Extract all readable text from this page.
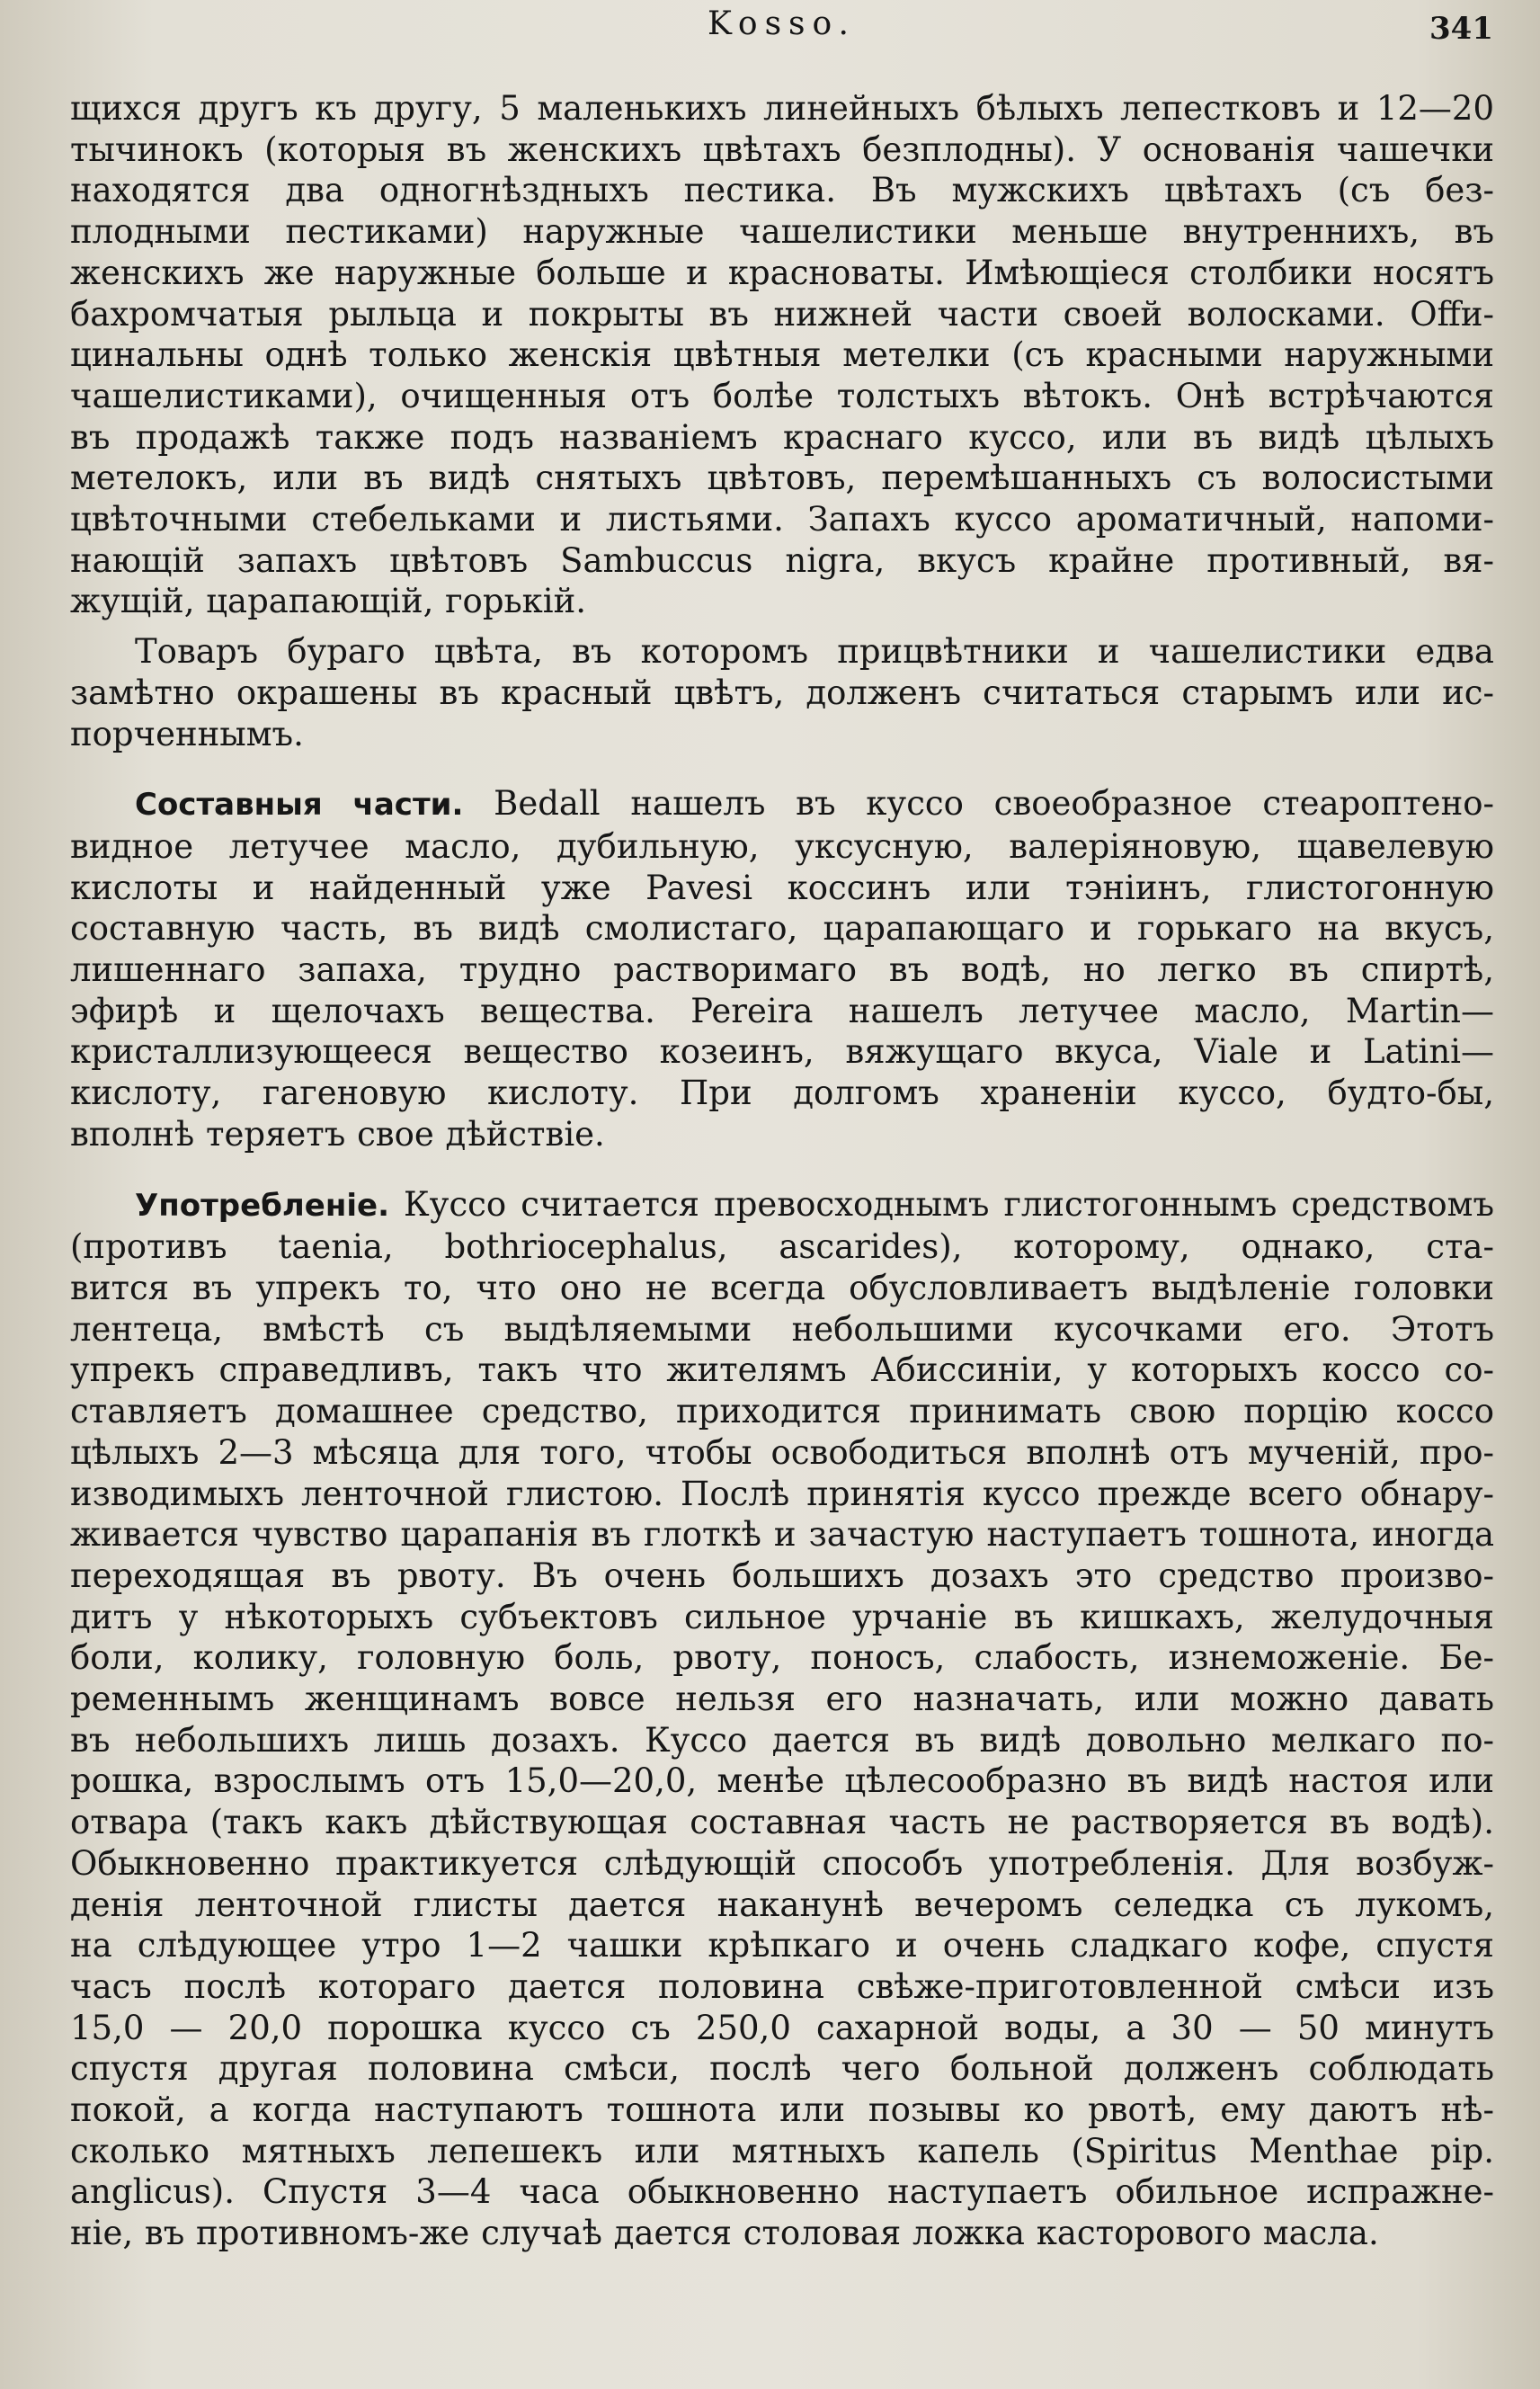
Kosso.	341

щихся другъ къ другу, 5 маленькихъ линейныхъ бѣлыхъ лепестковъ и 12—20

тычинокъ (которыя въ женскихъ цвѣтахъ безплодны). У основанія чашечки

находятся два одногнѣздныхъ пестика. Въ мужскихъ цвѣтахъ (съ без-

плодными пестиками) наружные чашелистики меньше внутреннихъ, въ

женскихъ же наружные больше и красноваты. Имѣющіеся столбики носятъ

бахромчатыя рыльца и покрыты въ нижней части своей волосками. Offи-

цинальны однѣ только женскія цвѣтныя метелки (съ красными наружными

чашелистиками), очищенныя отъ болѣе толстыхъ вѣтокъ. Онѣ встрѣчаются

въ продажѣ также подъ названіемъ краснаго куссо, или въ видѣ цѣлыхъ

метелокъ, или въ видѣ снятыхъ цвѣтовъ, перемѣшанныхъ съ волосистыми

цвѣточными стебельками и листьями. Запахъ куссо ароматичный, напоми-

нающій запахъ цвѣтовъ Sambuccus nigra, вкусъ крайне противный, вя-

жущій, царапающій, горькій.

Товаръ бураго цвѣта, въ которомъ прицвѣтники и чашелистики едва

замѣтно окрашены въ красный цвѣтъ, долженъ считаться старымъ или ис-

порченнымъ.

Составныя части. Bedall нашелъ въ куссо своеобразное стеароптено-

видное летучее масло, дубильную, уксусную, валеріяновую, щавелевую

кислоты и найденный уже Pavesi коссинъ или тэніинъ, глистогонную

составную часть, въ видѣ смолистаго, царапающаго и горькаго на вкусъ,

лишеннаго запаха, трудно растворимаго въ водѣ, но легко въ спиртѣ,

эфирѣ и щелочахъ вещества. Pereira нашелъ летучее масло, Martin—

кристаллизующееся вещество козеинъ, вяжущаго вкуса, Viale и Latini—

кислоту, гагеновую кислоту. При долгомъ храненіи куссо, будто-бы,

вполнѣ теряетъ свое дѣйствіе.

Употребленіе. Куссо считается превосходнымъ глистогоннымъ средствомъ

(противъ taenia, bothriocephalus, ascarides), которому, однако, ста-

вится въ упрекъ то, что оно не всегда обусловливаетъ выдѣленіе головки

лентеца, вмѣстѣ съ выдѣляемыми небольшими кусочками его. Этотъ

упрекъ справедливъ, такъ что жителямъ Абиссиніи, у которыхъ коссо со-

ставляетъ домашнее средство, приходится принимать свою порцію коссо

цѣлыхъ 2—3 мѣсяца для того, чтобы освободиться вполнѣ отъ мученій, про-

изводимыхъ ленточной глистою. Послѣ принятія куссо прежде всего обнару-

живается чувство царапанія въ глоткѣ и зачастую наступаетъ тошнота, иногда

переходящая въ рвоту. Въ очень большихъ дозахъ это средство произво-

дитъ у нѣкоторыхъ субъектовъ сильное урчаніе въ кишкахъ, желудочныя

боли, колику, головную боль, рвоту, поносъ, слабость, изнеможеніе. Бе-

ременнымъ женщинамъ вовсе нельзя его назначать, или можно давать

въ небольшихъ лишь дозахъ. Куссо дается въ видѣ довольно мелкаго по-

рошка, взрослымъ отъ 15,0—20,0, менѣе цѣлесообразно въ видѣ настоя или

отвара (такъ какъ дѣйствующая составная часть не растворяется въ водѣ).

Обыкновенно практикуется слѣдующій способъ употребленія. Для возбуж-

денія ленточной глисты дается наканунѣ вечеромъ селедка съ лукомъ,

на слѣдующее утро 1—2 чашки крѣпкаго и очень сладкаго кофе, спустя

часъ послѣ котораго дается половина свѣже-приготовленной смѣси изъ

15,0 — 20,0 порошка куссо съ 250,0 сахарной воды, а 30 — 50 минутъ

спустя другая половина смѣси, послѣ чего больной долженъ соблюдать

покой, а когда наступаютъ тошнота или позывы ко рвотѣ, ему даютъ нѣ-

сколько мятныхъ лепешекъ или мятныхъ капель (Spiritus Menthae pip.

anglicus). Спустя 3—4 часа обыкновенно наступаетъ обильное испражне-

ніе, въ противномъ-же случаѣ дается столовая ложка касторового масла.
